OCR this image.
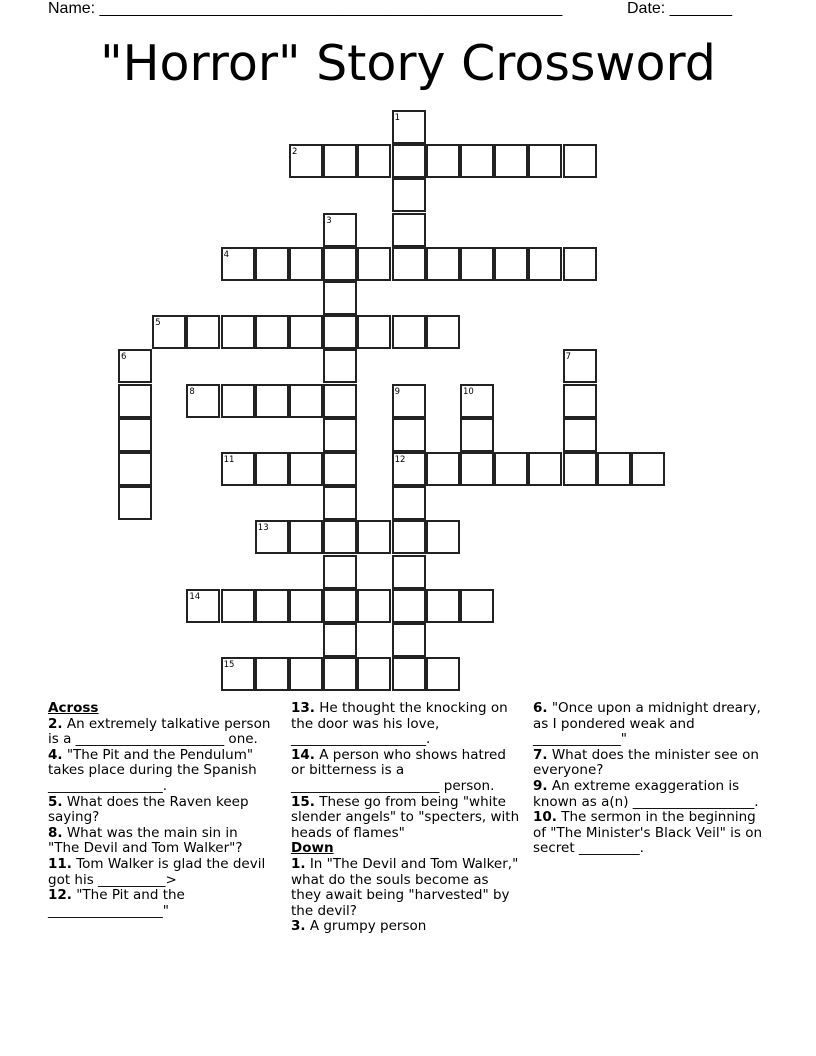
Name: ____________________________________________________	Date: _______
"Horror" Story Crossword
1
2
3
4
5
6	7
8	9	10
11	12
13
14
15
Across
2. An extremely talkative person is a ______________________ one.
4. "The Pit and the Pendulum" takes place during the Spanish _________________.
5. What does the Raven keep saying?
8. What was the main sin in "The Devil and Tom Walker"?
11. Tom Walker is glad the devil got his __________>
12. "The Pit and the _________________"
13. He thought the knocking on the door was his love, ____________________.
14. A person who shows hatred or bitterness is a ______________________ person.
15. These go from being "white slender angels" to "specters, with heads of flames"
Down
1. In "The Devil and Tom Walker," what do the souls become as they await being "harvested" by the devil?
3. A grumpy person
6. "Once upon a midnight dreary, as I pondered weak and _____________"
7. What does the minister see on everyone?
9. An extreme exaggeration is known as a(n) __________________.
10. The sermon in the beginning of "The Minister's Black Veil" is on secret _________.
